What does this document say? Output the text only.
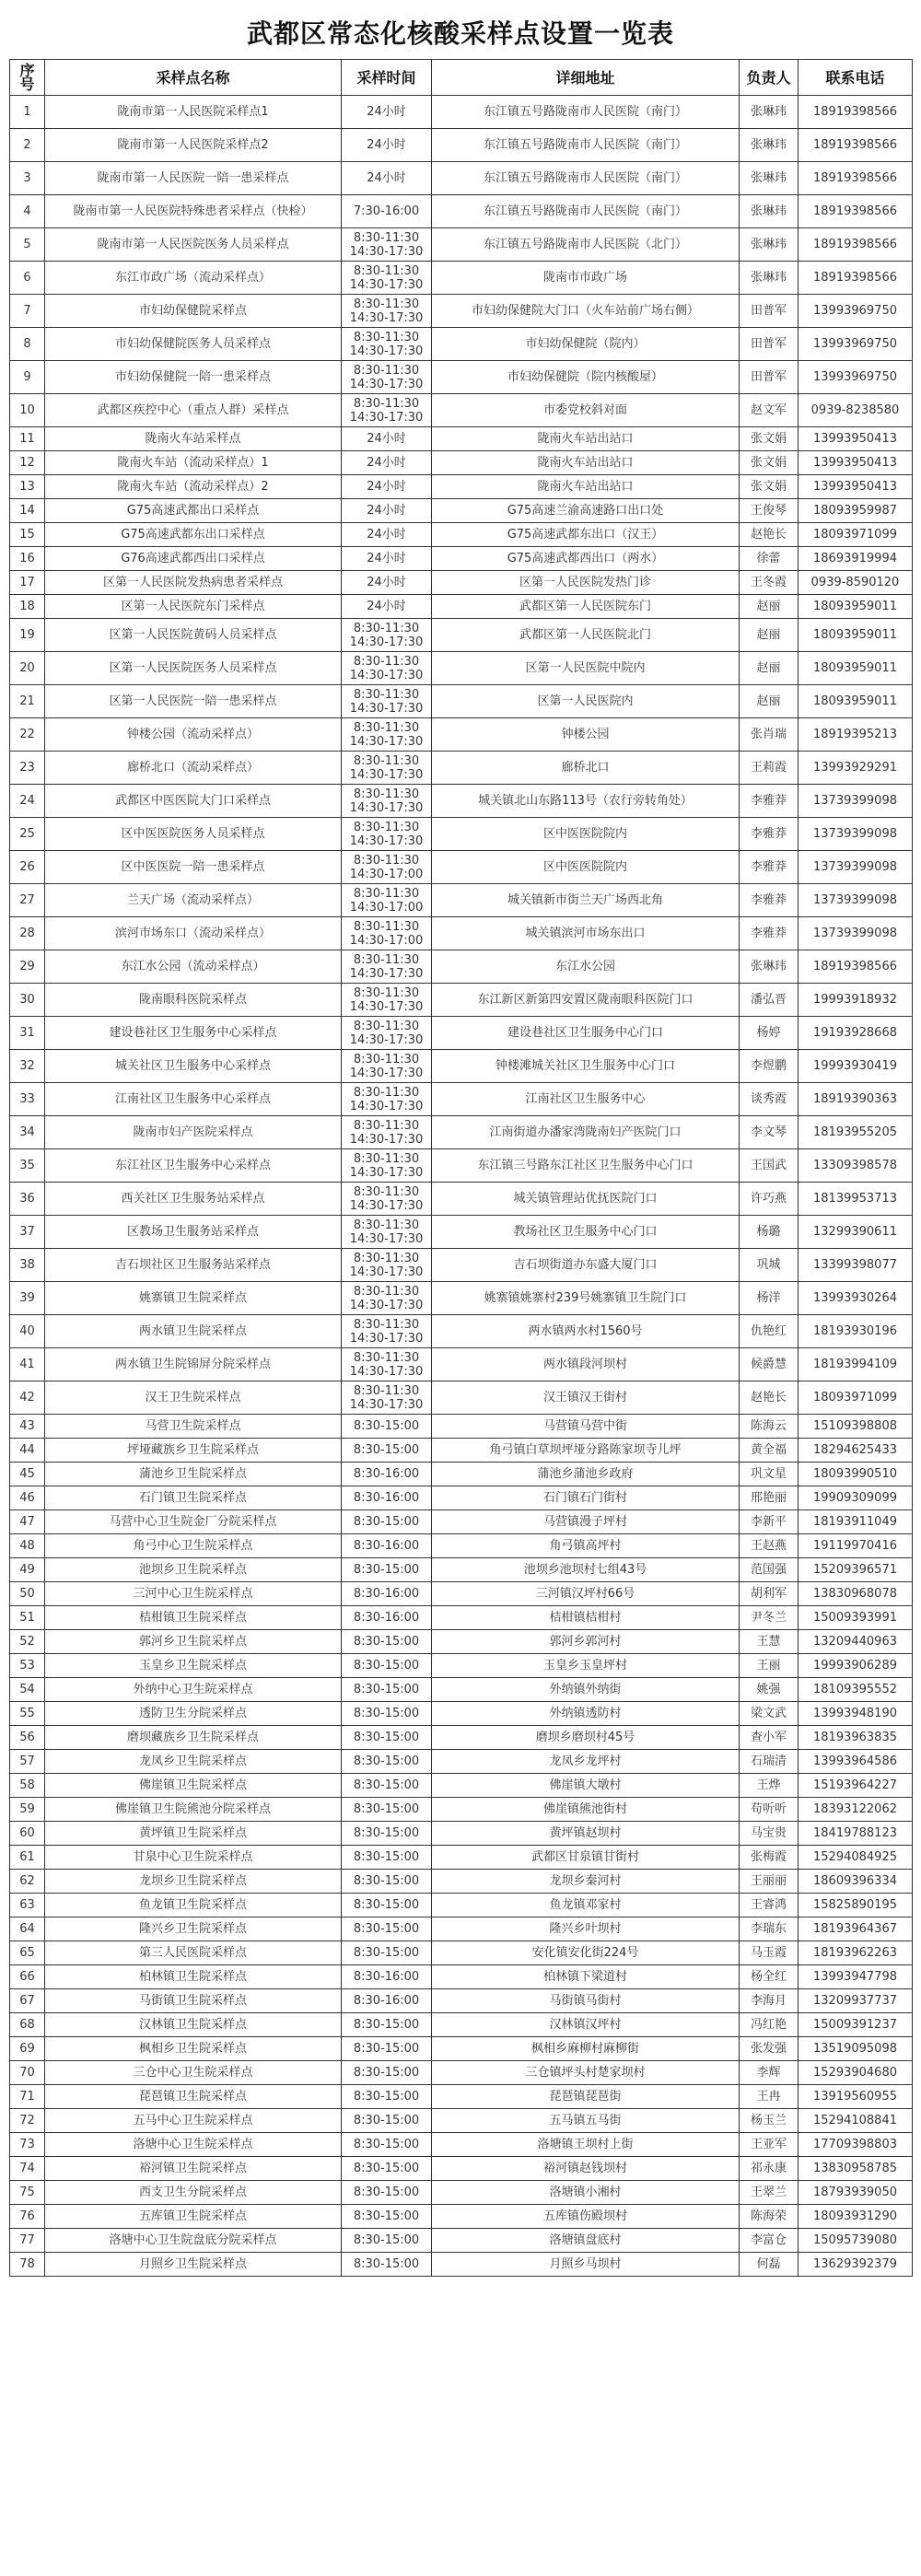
武都区常态化核酸采样点设置一览表
序号	采样点名称	采样时间	详细地址	负责人	联系电话
1	陇南市第一人民医院采样点1	24小时	东江镇五号路陇南市人民医院（南门）	张琳玮	18919398566
2	陇南市第一人民医院采样点2	24小时	东江镇五号路陇南市人民医院（南门）	张琳玮	18919398566
3	陇南市第一人民医院一陪一患采样点	24小时	东江镇五号路陇南市人民医院（南门）	张琳玮	18919398566
4	陇南市第一人民医院特殊患者采样点（快检）	7:30-16:00	东江镇五号路陇南市人民医院（南门）	张琳玮	18919398566
5	陇南市第一人民医院医务人员采样点	8:30-11:30
14:30-17:30	东江镇五号路陇南市人民医院（北门）	张琳玮	18919398566
6	东江市政广场（流动采样点）	8:30-11:30
14:30-17:30	陇南市市政广场	张琳玮	18919398566
7	市妇幼保健院采样点	8:30-11:30
14:30-17:30	市妇幼保健院大门口（火车站前广场右侧）	田普军	13993969750
8	市妇幼保健院医务人员采样点	8:30-11:30
14:30-17:30	市妇幼保健院（院内）	田普军	13993969750
9	市妇幼保健院一陪一患采样点	8:30-11:30
14:30-17:30	市妇幼保健院（院内核酸屋）	田普军	13993969750
10	武都区疾控中心（重点人群）采样点	8:30-11:30
14:30-17:30	市委党校斜对面	赵文军	0939-8238580
11	陇南火车站采样点	24小时	陇南火车站出站口	张文娟	13993950413
12	陇南火车站（流动采样点）1	24小时	陇南火车站出站口	张文娟	13993950413
13	陇南火车站（流动采样点）2	24小时	陇南火车站出站口	张文娟	13993950413
14	G75高速武都出口采样点	24小时	G75高速兰渝高速路口出口处	王俊琴	18093959987
15	G75高速武都东出口采样点	24小时	G75高速武都东出口（汉王）	赵艳长	18093971099
16	G76高速武都西出口采样点	24小时	G75高速武都西出口（两水）	徐蕾	18693919994
17	区第一人民医院发热病患者采样点	24小时	区第一人民医院发热门诊	王冬霞	0939-8590120
18	区第一人民医院东门采样点	24小时	武都区第一人民医院东门	赵丽	18093959011
19	区第一人民医院黄码人员采样点	8:30-11:30
14:30-17:30	武都区第一人民医院北门	赵丽	18093959011
20	区第一人民医院医务人员采样点	8:30-11:30
14:30-17:30	区第一人民医院中院内	赵丽	18093959011
21	区第一人民医院一陪一患采样点	8:30-11:30
14:30-17:30	区第一人民医院内	赵丽	18093959011
22	钟楼公园（流动采样点）	8:30-11:30
14:30-17:30	钟楼公园	张肖瑞	18919395213
23	廊桥北口（流动采样点）	8:30-11:30
14:30-17:30	廊桥北口	王莉霞	13993929291
24	武都区中医医院大门口采样点	8:30-11:30
14:30-17:30	城关镇北山东路113号（农行旁转角处）	李雅莽	13739399098
25	区中医医院医务人员采样点	8:30-11:30
14:30-17:30	区中医医院院内	李雅莽	13739399098
26	区中医医院一陪一患采样点	8:30-11:30
14:30-17:00	区中医医院院内	李雅莽	13739399098
27	兰天广场（流动采样点）	8:30-11:30
14:30-17:00	城关镇新市街兰天广场西北角	李雅莽	13739399098
28	滨河市场东口（流动采样点）	8:30-11:30
14:30-17:00	城关镇滨河市场东出口	李雅莽	13739399098
29	东江水公园（流动采样点）	8:30-11:30
14:30-17:30	东江水公园	张琳玮	18919398566
30	陇南眼科医院采样点	8:30-11:30
14:30-17:30	东江新区新第四安置区陇南眼科医院门口	潘弘晋	19993918932
31	建设巷社区卫生服务中心采样点	8:30-11:30
14:30-17:30	建设巷社区卫生服务中心门口	杨婷	19193928668
32	城关社区卫生服务中心采样点	8:30-11:30
14:30-17:30	钟楼滩城关社区卫生服务中心门口	李煜鹏	19993930419
33	江南社区卫生服务中心采样点	8:30-11:30
14:30-17:30	江南社区卫生服务中心	谈秀霞	18919390363
34	陇南市妇产医院采样点	8:30-11:30
14:30-17:30	江南街道办潘家湾陇南妇产医院门口	李文琴	18193955205
35	东江社区卫生服务中心采样点	8:30-11:30
14:30-17:30	东江镇三号路东江社区卫生服务中心门口	王国武	13309398578
36	西关社区卫生服务站采样点	8:30-11:30
14:30-17:30	城关镇管理站优抚医院门口	许巧燕	18139953713
37	区教场卫生服务站采样点	8:30-11:30
14:30-17:30	教场社区卫生服务中心门口	杨璐	13299390611
38	吉石坝社区卫生服务站采样点	8:30-11:30
14:30-17:30	吉石坝街道办东盛大厦门口	巩城	13399398077
39	姚寨镇卫生院采样点	8:30-11:30
14:30-17:30	姚寨镇姚寨村239号姚寨镇卫生院门口	杨洋	13993930264
40	两水镇卫生院采样点	8:30-11:30
14:30-17:30	两水镇两水村1560号	仇艳红	18193930196
41	两水镇卫生院锦屏分院采样点	8:30-11:30
14:30-17:30	两水镇段河坝村	候爵慧	18193994109
42	汉王卫生院采样点	8:30-11:30
14:30-17:30	汉王镇汉王街村	赵艳长	18093971099
43	马营卫生院采样点	8:30-15:00	马营镇马营中街	陈海云	15109398808
44	坪垭藏族乡卫生院采样点	8:30-15:00	角弓镇白草坝坪垭分路陈家坝寺儿坪	黄全福	18294625433
45	蒲池乡卫生院采样点	8:30-16:00	蒲池乡蒲池乡政府	巩文星	18093990510
46	石门镇卫生院采样点	8:30-16:00	石门镇石门街村	邢艳丽	19909309099
47	马营中心卫生院金厂分院采样点	8:30-15:00	马营镇漫子坪村	李新平	18193911049
48	角弓中心卫生院采样点	8:30-16:00	角弓镇高坪村	王赵燕	19119970416
49	池坝乡卫生院采样点	8:30-15:00	池坝乡池坝村七组43号	范国强	15209396571
50	三河中心卫生院采样点	8:30-16:00	三河镇汉坪村66号	胡利军	13830968078
51	桔柑镇卫生院采样点	8:30-16:00	桔柑镇桔柑村	尹冬兰	15009393991
52	郭河乡卫生院采样点	8:30-15:00	郭河乡郭河村	王慧	13209440963
53	玉皇乡卫生院采样点	8:30-15:00	玉皇乡玉皇坪村	王丽	19993906289
54	外纳中心卫生院采样点	8:30-15:00	外纳镇外纳街	姚强	18109395552
55	透防卫生分院采样点	8:30-15:00	外纳镇透防村	梁文武	13993948190
56	磨坝藏族乡卫生院采样点	8:30-15:00	磨坝乡磨坝村45号	查小军	18193963835
57	龙凤乡卫生院采样点	8:30-15:00	龙凤乡龙坪村	石瑞清	13993964586
58	佛崖镇卫生院采样点	8:30-15:00	佛崖镇大墩村	王烨	15193964227
59	佛崖镇卫生院熊池分院采样点	8:30-15:00	佛崖镇熊池街村	苟听听	18393122062
60	黄坪镇卫生院采样点	8:30-15:00	黄坪镇赵坝村	马宝贵	18419788123
61	甘泉中心卫生院采样点	8:30-15:00	武都区甘泉镇甘街村	张梅霞	15294084925
62	龙坝乡卫生院采样点	8:30-15:00	龙坝乡秦河村	王丽丽	18609396334
63	鱼龙镇卫生院采样点	8:30-15:00	鱼龙镇邓家村	王睿鸿	15825890195
64	隆兴乡卫生院采样点	8:30-15:00	隆兴乡叶坝村	李瑞东	18193964367
65	第三人民医院采样点	8:30-15:00	安化镇安化街224号	马玉霞	18193962263
66	柏林镇卫生院采样点	8:30-16:00	柏林镇下梁道村	杨全红	13993947798
67	马街镇卫生院采样点	8:30-16:00	马街镇马街村	李海月	13209937737
68	汉林镇卫生院采样点	8:30-15:00	汉林镇汉坪村	冯红艳	15009391237
69	枫相乡卫生院采样点	8:30-15:00	枫相乡麻柳村麻柳街	张发强	13519095098
70	三仓中心卫生院采样点	8:30-15:00	三仓镇坪头村楚家坝村	李辉	15293904680
71	琵琶镇卫生院采样点	8:30-15:00	琵琶镇琵琶街	王冉	13919560955
72	五马中心卫生院采样点	8:30-15:00	五马镇五马街	杨玉兰	15294108841
73	洛塘中心卫生院采样点	8:30-15:00	洛塘镇王坝村上街	王亚军	17709398803
74	裕河镇卫生院采样点	8:30-15:00	裕河镇赵钱坝村	祁永康	13830958785
75	西支卫生分院采样点	8:30-15:00	洛塘镇小湘村	王翠兰	18793939050
76	五库镇卫生院采样点	8:30-15:00	五库镇伤殿坝村	陈海荣	18093931290
77	洛塘中心卫生院盘底分院采样点	8:30-15:00	洛塘镇盘底村	李富仓	15095739080
78	月照乡卫生院采样点	8:30-15:00	月照乡马坝村	何磊	13629392379
